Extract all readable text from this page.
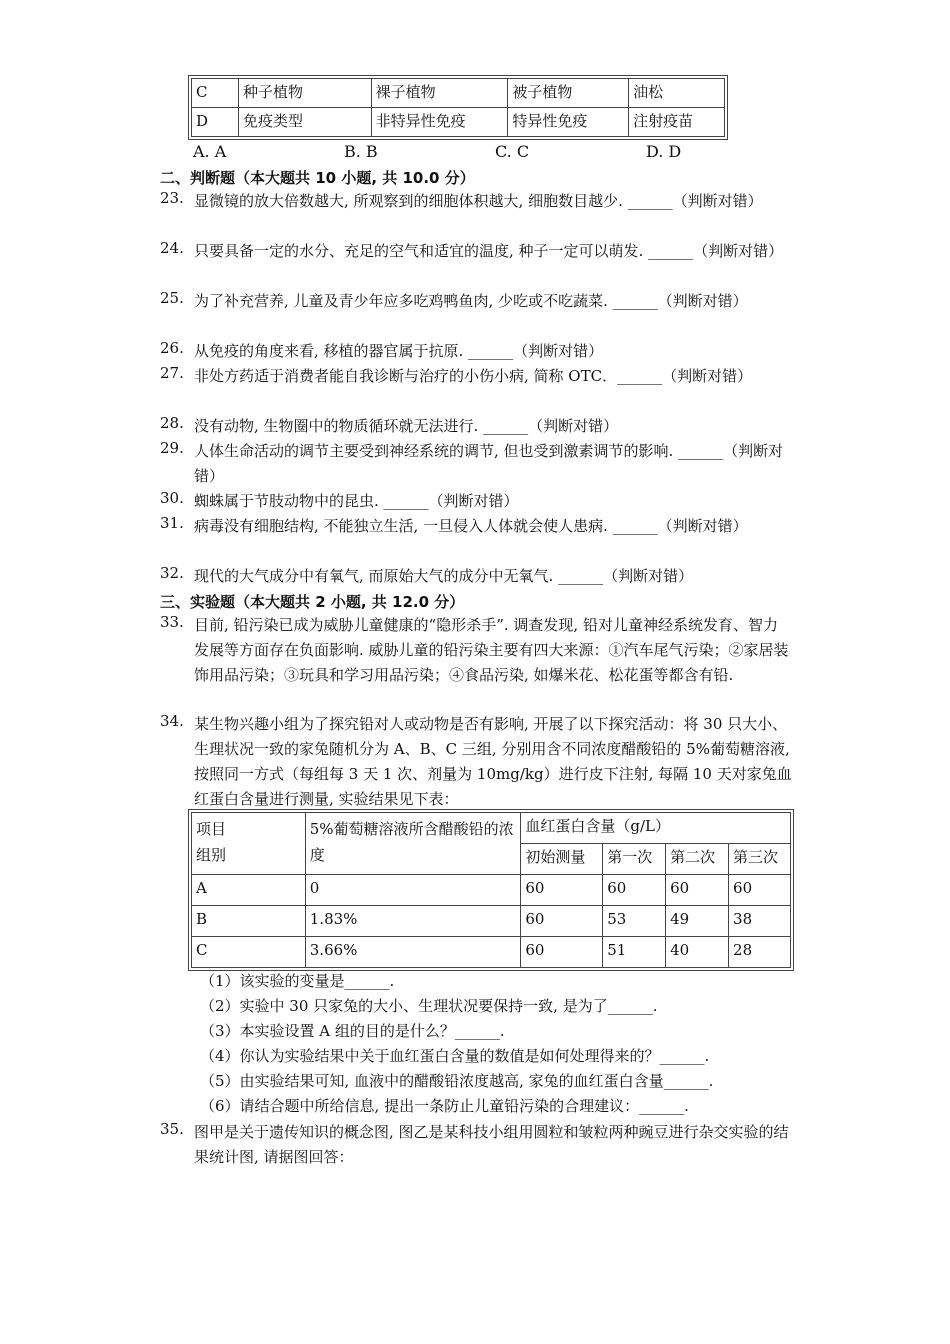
C	种子植物	裸子植物	被子植物	油松
D	免疫类型	非特异性免疫	特异性免疫	注射疫苗
A. A	B. B	C. C	D. D
二、判断题（本大题共 10 小题, 共 10.0 分）
23. 显微镜的放大倍数越大, 所观察到的细胞体积越大, 细胞数目越少. ______（判断对错）
24. 只要具备一定的水分、充足的空气和适宜的温度, 种子一定可以萌发. ______（判断对错）
25. 为了补充营养, 儿童及青少年应多吃鸡鸭鱼肉, 少吃或不吃蔬菜. ______（判断对错）
26. 从免疫的角度来看, 移植的器官属于抗原. ______（判断对错）
27. 非处方药适于消费者能自我诊断与治疗的小伤小病, 简称 OTC．______（判断对错）
28. 没有动物, 生物圈中的物质循环就无法进行. ______（判断对错）
29. 人体生命活动的调节主要受到神经系统的调节, 但也受到激素调节的影响. ______（判断对错）
30. 蜘蛛属于节肢动物中的昆虫. ______（判断对错）
31. 病毒没有细胞结构, 不能独立生活, 一旦侵入人体就会使人患病. ______（判断对错）
32. 现代的大气成分中有氧气, 而原始大气的成分中无氧气. ______（判断对错）
三、实验题（本大题共 2 小题, 共 12.0 分）
33. 目前, 铅污染已成为威胁儿童健康的“隐形杀手”. 调查发现, 铅对儿童神经系统发育、智力发展等方面存在负面影响. 威胁儿童的铅污染主要有四大来源：①汽车尾气污染；②家居装饰用品污染；③玩具和学习用品污染；④食品污染, 如爆米花、松花蛋等都含有铅.
34. 某生物兴趣小组为了探究铅对人或动物是否有影响, 开展了以下探究活动：将 30 只大小、生理状况一致的家兔随机分为 A、B、C 三组, 分别用含不同浓度醋酸铅的 5%葡萄糖溶液, 按照同一方式（每组每 3 天 1 次、剂量为 10mg/kg）进行皮下注射, 每隔 10 天对家兔血红蛋白含量进行测量, 实验结果见下表：
项目
组别	5%葡萄糖溶液所含醋酸铅的浓度	血红蛋白含量（g/L）			
		初始测量	第一次	第二次	第三次
A	0	60	60	60	60
B	1.83%	60	53	49	38
C	3.66%	60	51	40	28
（1）该实验的变量是______.
（2）实验中 30 只家兔的大小、生理状况要保持一致, 是为了______.
（3）本实验设置 A 组的目的是什么？______.
（4）你认为实验结果中关于血红蛋白含量的数值是如何处理得来的？______.
（5）由实验结果可知, 血液中的醋酸铅浓度越高, 家兔的血红蛋白含量______.
（6）请结合题中所给信息, 提出一条防止儿童铅污染的合理建议：______.
35. 图甲是关于遗传知识的概念图, 图乙是某科技小组用圆粒和皱粒两种豌豆进行杂交实验的结果统计图, 请据图回答：
